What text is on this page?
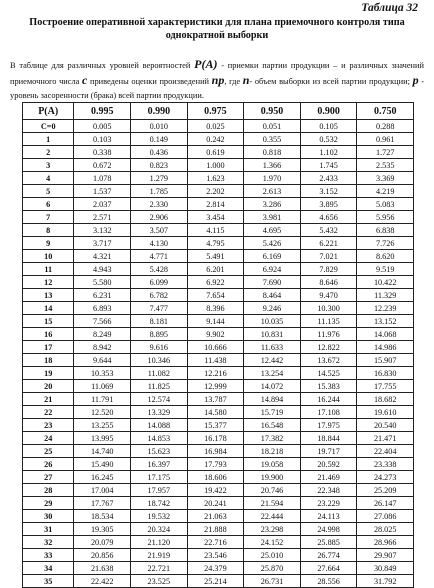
Таблица 32
Построение оперативной характеристики для плана приемочного контроля типа однократной выборки
В таблице для различных уровней вероятностей P(A) - приемки партии продукции – и различных значений приемочного числа c приведены оценки произведений np, где n- объем выборки из всей партии продукции; p - уровень засоренности (брака) всей партии продукции.
P(A)	0.995	0.990	0.975	0.950	0.900	0.750
C=0	0.005	0.010	0.025	0.051	0.105	0.288
1	0.103	0.149	0.242	0.355	0.532	0.961
2	0.338	0.436	0.619	0.818	1.102	1.727
3	0.672	0.823	1.000	1.366	1.745	2.535
4	1.078	1.279	1.623	1.970	2.433	3.369
5	1.537	1.785	2.202	2.613	3.152	4.219
6	2.037	2.330	2.814	3.286	3.895	5.083
7	2.571	2.906	3.454	3.981	4.656	5.956
8	3.132	3.507	4.115	4.695	5.432	6.838
9	3.717	4.130	4.795	5.426	6.221	7.726
10	4.321	4.771	5.491	6.169	7.021	8.620
11	4.943	5.428	6.201	6.924	7.829	9.519
12	5.580	6.099	6.922	7.690	8.646	10.422
13	6.231	6.782	7.654	8.464	9.470	11.329
14	6.893	7.477	8.396	9.246	10.300	12.239
15	7.566	8.181	9.144	10.035	11.135	13.152
16	8.249	8.895	9.902	10.831	11.976	14.068
17	8.942	9.616	10.666	11.633	12.822	14.986
18	9.644	10.346	11.438	12.442	13.672	15.907
19	10.353	11.082	12.216	13.254	14.525	16.830
20	11.069	11.825	12.999	14.072	15.383	17.755
21	11.791	12.574	13.787	14.894	16.244	18.682
22	12.520	13.329	14.580	15.719	17.108	19.610
23	13.255	14.088	15.377	16.548	17.975	20.540
24	13.995	14.853	16.178	17.382	18.844	21.471
25	14.740	15.623	16.984	18.218	19.717	22.404
26	15.490	16.397	17.793	19.058	20.592	23.338
27	16.245	17.175	18.606	19.900	21.469	24.273
28	17.004	17.957	19.422	20.746	22.348	25.209
29	17.767	18.742	20.241	21.594	23.229	26.147
30	18.534	19.532	21.063	22.444	24.113	27.086
31	19.305	20.324	21.888	23.298	24.998	28.025
32	20.079	21.120	22.716	24.152	25.885	28.966
33	20.856	21.919	23.546	25.010	26.774	29.907
34	21.638	22.721	24.379	25.870	27.664	30.849
35	22.422	23.525	25.214	26.731	28.556	31.792
